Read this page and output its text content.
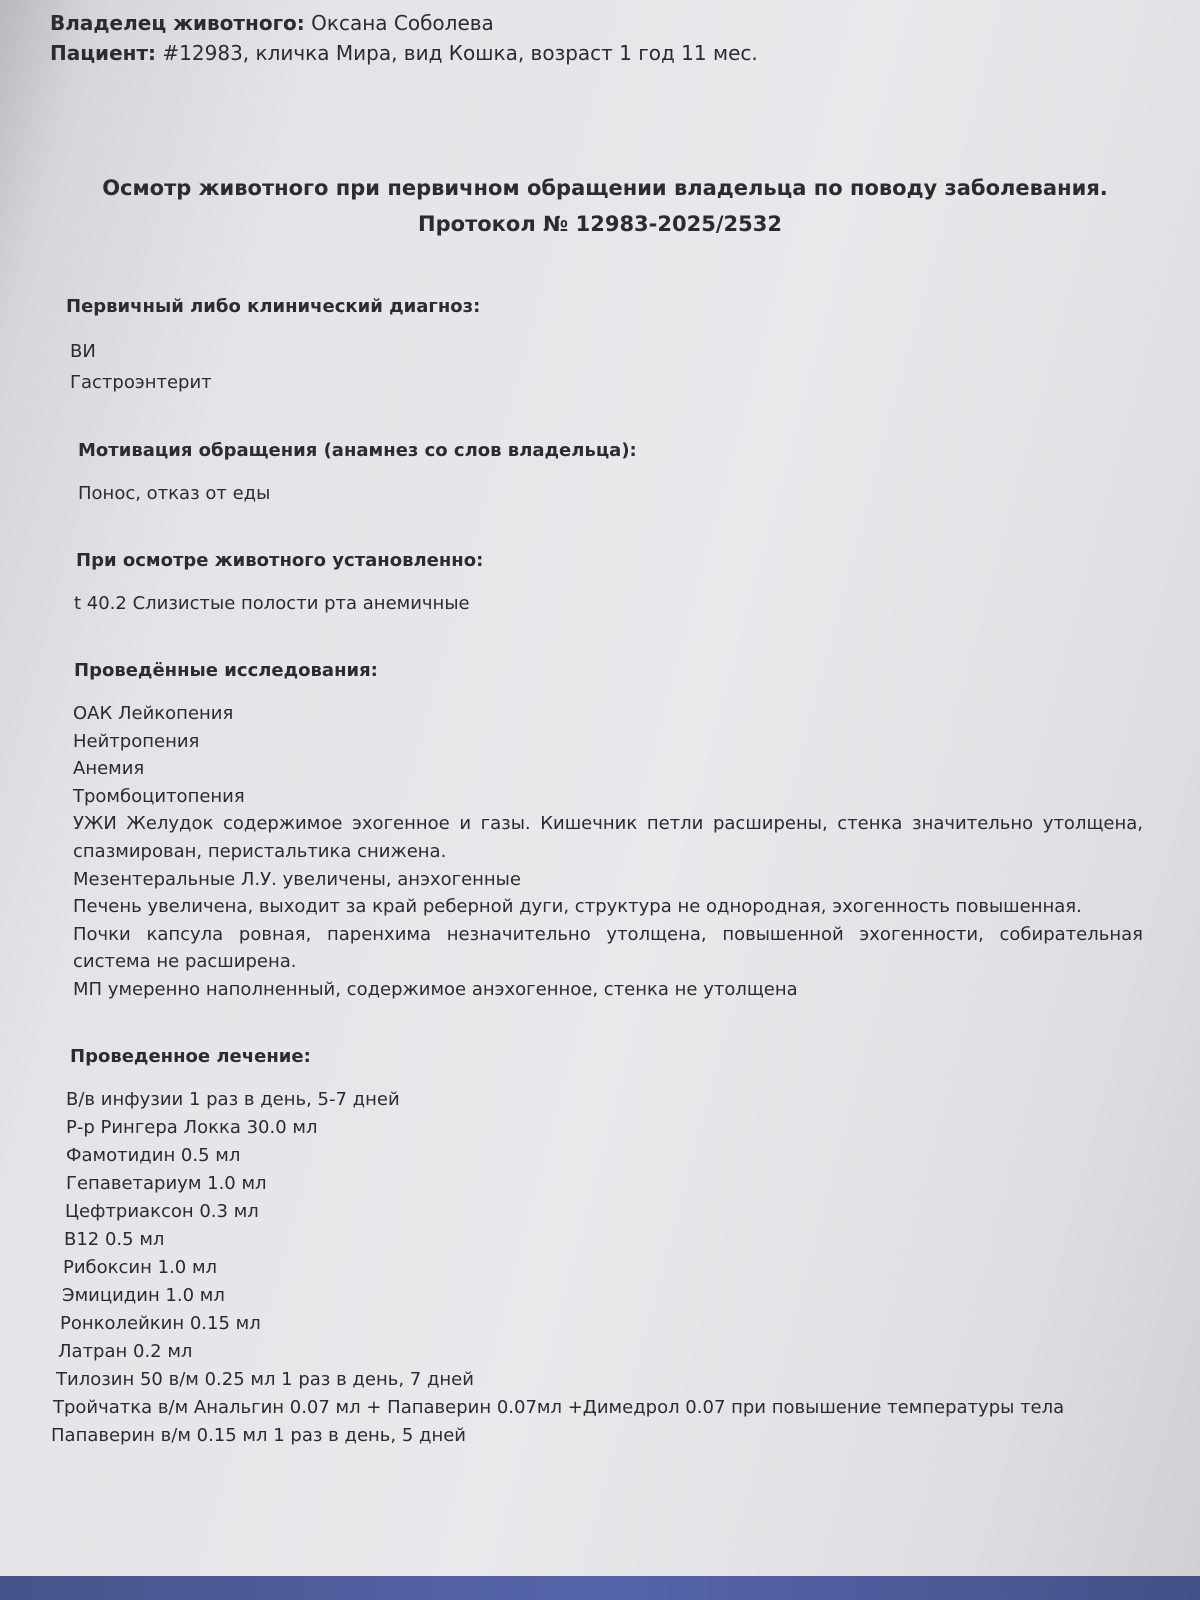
Владелец животного: Оксана Соболева
Пациент: #12983, кличка Мира, вид Кошка, возраст 1 год 11 мес.
Осмотр животного при первичном обращении владельца по поводу заболевания.
Протокол № 12983-2025/2532
Первичный либо клинический диагноз:
ВИ
Гастроэнтерит
Мотивация обращения (анамнез со слов владельца):
Понос, отказ от еды
При осмотре животного установленно:
t 40.2 Слизистые полости рта анемичные
Проведённые исследования:
ОАК Лейкопения
Нейтропения
Анемия
Тромбоцитопения
УЖИ Желудок содержимое эхогенное и газы. Кишечник петли расширены, стенка значительно утолщена, спазмирован, перистальтика снижена.
Мезентеральные Л.У. увеличены, анэхогенные
Печень увеличена, выходит за край реберной дуги, структура не однородная, эхогенность повышенная.
Почки капсула ровная, паренхима незначительно утолщена, повышенной эхогенности, собирательная система не расширена.
МП умеренно наполненный, содержимое анэхогенное, стенка не утолщена
Проведенное лечение:
В/в инфузии 1 раз в день, 5-7 дней
Р-р Рингера Локка 30.0 мл
Фамотидин 0.5 мл
Гепаветариум 1.0 мл
Цефтриаксон 0.3 мл
В12 0.5 мл
Рибоксин 1.0 мл
Эмицидин 1.0 мл
Ронколейкин 0.15 мл
Латран 0.2 мл
Тилозин 50 в/м 0.25 мл 1 раз в день, 7 дней
Тройчатка в/м Анальгин 0.07 мл + Папаверин 0.07мл +Димедрол 0.07 при повышение температуры тела
Папаверин в/м 0.15 мл 1 раз в день, 5 дней
